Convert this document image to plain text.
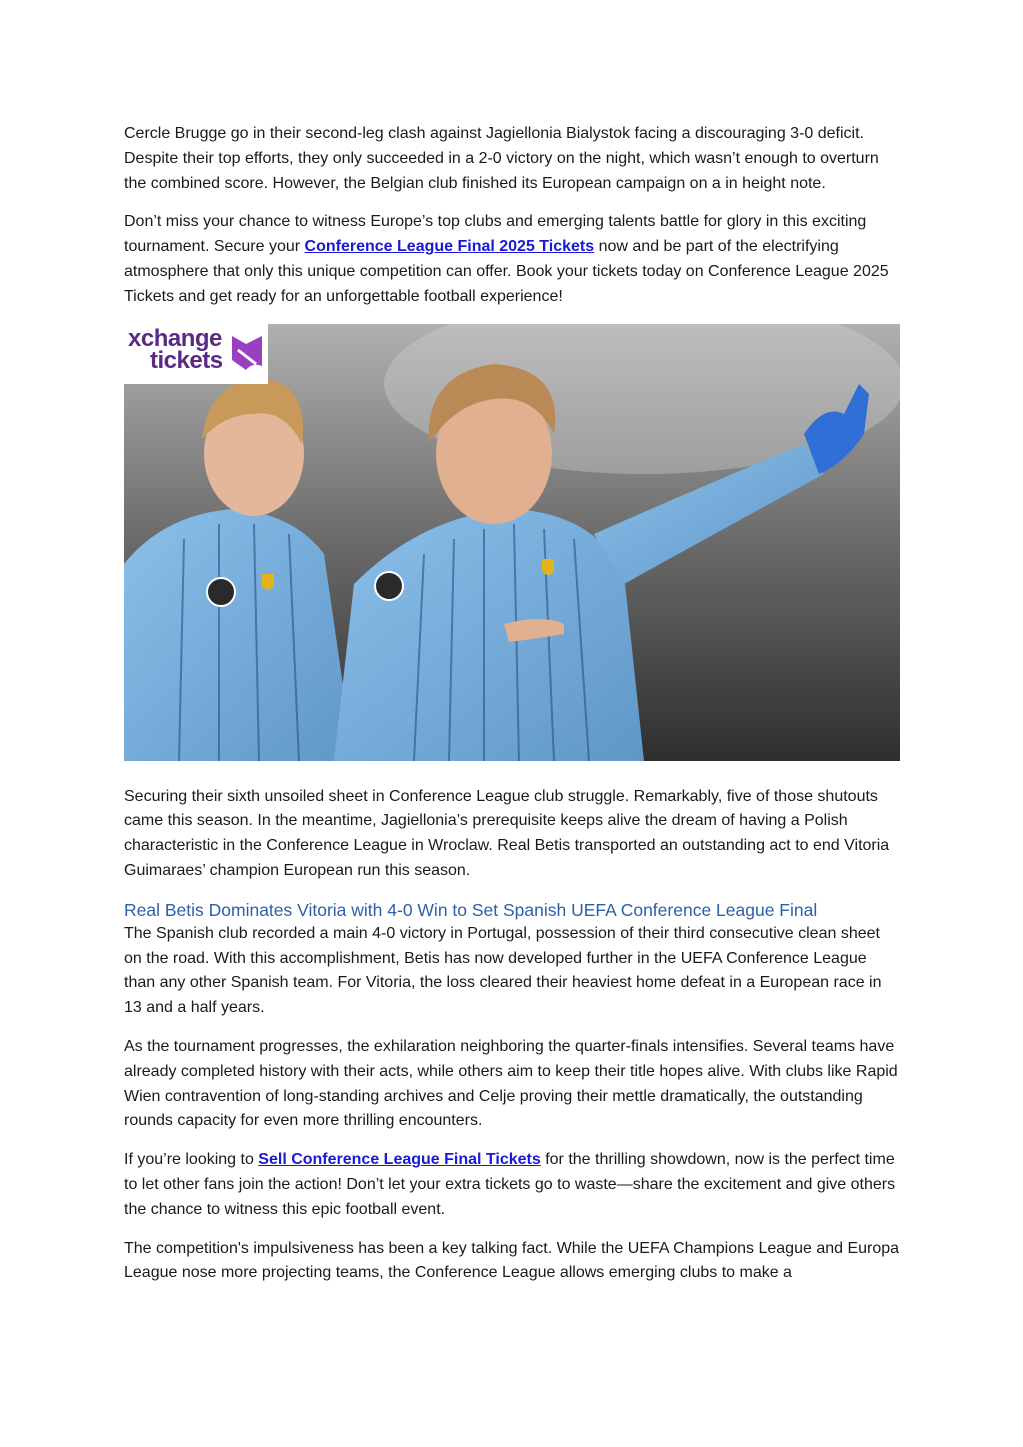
Cercle Brugge go in their second-leg clash against Jagiellonia Bialystok facing a discouraging 3-0 deficit. Despite their top efforts, they only succeeded in a 2-0 victory on the night, which wasn’t enough to overturn the combined score. However, the Belgian club finished its European campaign on a in height note.

Don’t miss your chance to witness Europe’s top clubs and emerging talents battle for glory in this exciting tournament. Secure your Conference League Final 2025 Tickets now and be part of the electrifying atmosphere that only this unique competition can offer. Book your tickets today on Conference League 2025 Tickets and get ready for an unforgettable football experience!

xchange
tickets

Securing their sixth unsoiled sheet in Conference League club struggle. Remarkably, five of those shutouts came this season. In the meantime, Jagiellonia’s prerequisite keeps alive the dream of having a Polish characteristic in the Conference League in Wroclaw. Real Betis transported an outstanding act to end Vitoria Guimaraes’ champion European run this season.

Real Betis Dominates Vitoria with 4-0 Win to Set Spanish UEFA Conference League Final

The Spanish club recorded a main 4-0 victory in Portugal, possession of their third consecutive clean sheet on the road. With this accomplishment, Betis has now developed further in the UEFA Conference League than any other Spanish team. For Vitoria, the loss cleared their heaviest home defeat in a European race in 13 and a half years.

As the tournament progresses, the exhilaration neighboring the quarter-finals intensifies. Several teams have already completed history with their acts, while others aim to keep their title hopes alive. With clubs like Rapid Wien contravention of long-standing archives and Celje proving their mettle dramatically, the outstanding rounds capacity for even more thrilling encounters.

If you’re looking to Sell Conference League Final Tickets for the thrilling showdown, now is the perfect time to let other fans join the action! Don’t let your extra tickets go to waste—share the excitement and give others the chance to witness this epic football event.

The competition's impulsiveness has been a key talking fact. While the UEFA Champions League and Europa League nose more projecting teams, the Conference League allows emerging clubs to make a
